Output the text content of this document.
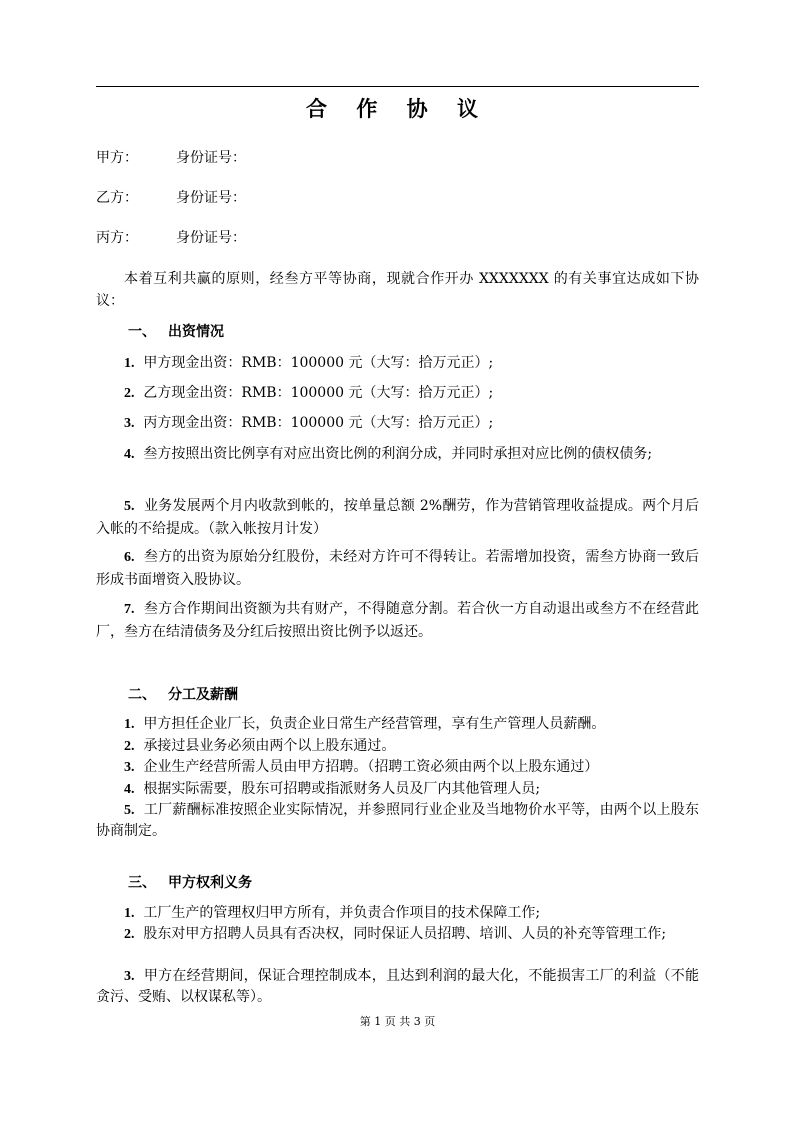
合 作 协 议
甲方：	身份证号：
乙方：	身份证号：
丙方：	身份证号：

本着互利共赢的原则，经叁方平等协商，现就合作开办 XXXXXXX 的有关事宜达成如下协议：

一、 出资情况

1. 甲方现金出资：RMB：100000 元（大写：拾万元正）;

2. 乙方现金出资：RMB：100000 元（大写：拾万元正）;

3. 丙方现金出资：RMB：100000 元（大写：拾万元正）;

4. 叁方按照出资比例享有对应出资比例的利润分成，并同时承担对应比例的债权债务;

5. 业务发展两个月内收款到帐的，按单量总额 2%酬劳，作为营销管理收益提成。两个月后入帐的不给提成。（款入帐按月计发）

6. 叁方的出资为原始分红股份，未经对方许可不得转让。若需增加投资，需叁方协商一致后形成书面增资入股协议。

7. 叁方合作期间出资额为共有财产，不得随意分割。若合伙一方自动退出或叁方不在经营此厂，叁方在结清债务及分红后按照出资比例予以返还。

二、 分工及薪酬

1. 甲方担任企业厂长，负责企业日常生产经营管理，享有生产管理人员薪酬。

2. 承接过县业务必须由两个以上股东通过。

3. 企业生产经营所需人员由甲方招聘。（招聘工资必须由两个以上股东通过）

4. 根据实际需要，股东可招聘或指派财务人员及厂内其他管理人员;

5. 工厂薪酬标准按照企业实际情况，并参照同行业企业及当地物价水平等，由两个以上股东协商制定。

三、 甲方权利义务

1. 工厂生产的管理权归甲方所有，并负责合作项目的技术保障工作;

2. 股东对甲方招聘人员具有否决权，同时保证人员招聘、培训、人员的补充等管理工作;

3. 甲方在经营期间，保证合理控制成本，且达到利润的最大化，不能损害工厂的利益（不能贪污、受贿、以权谋私等）。

第 1 页 共 3 页
